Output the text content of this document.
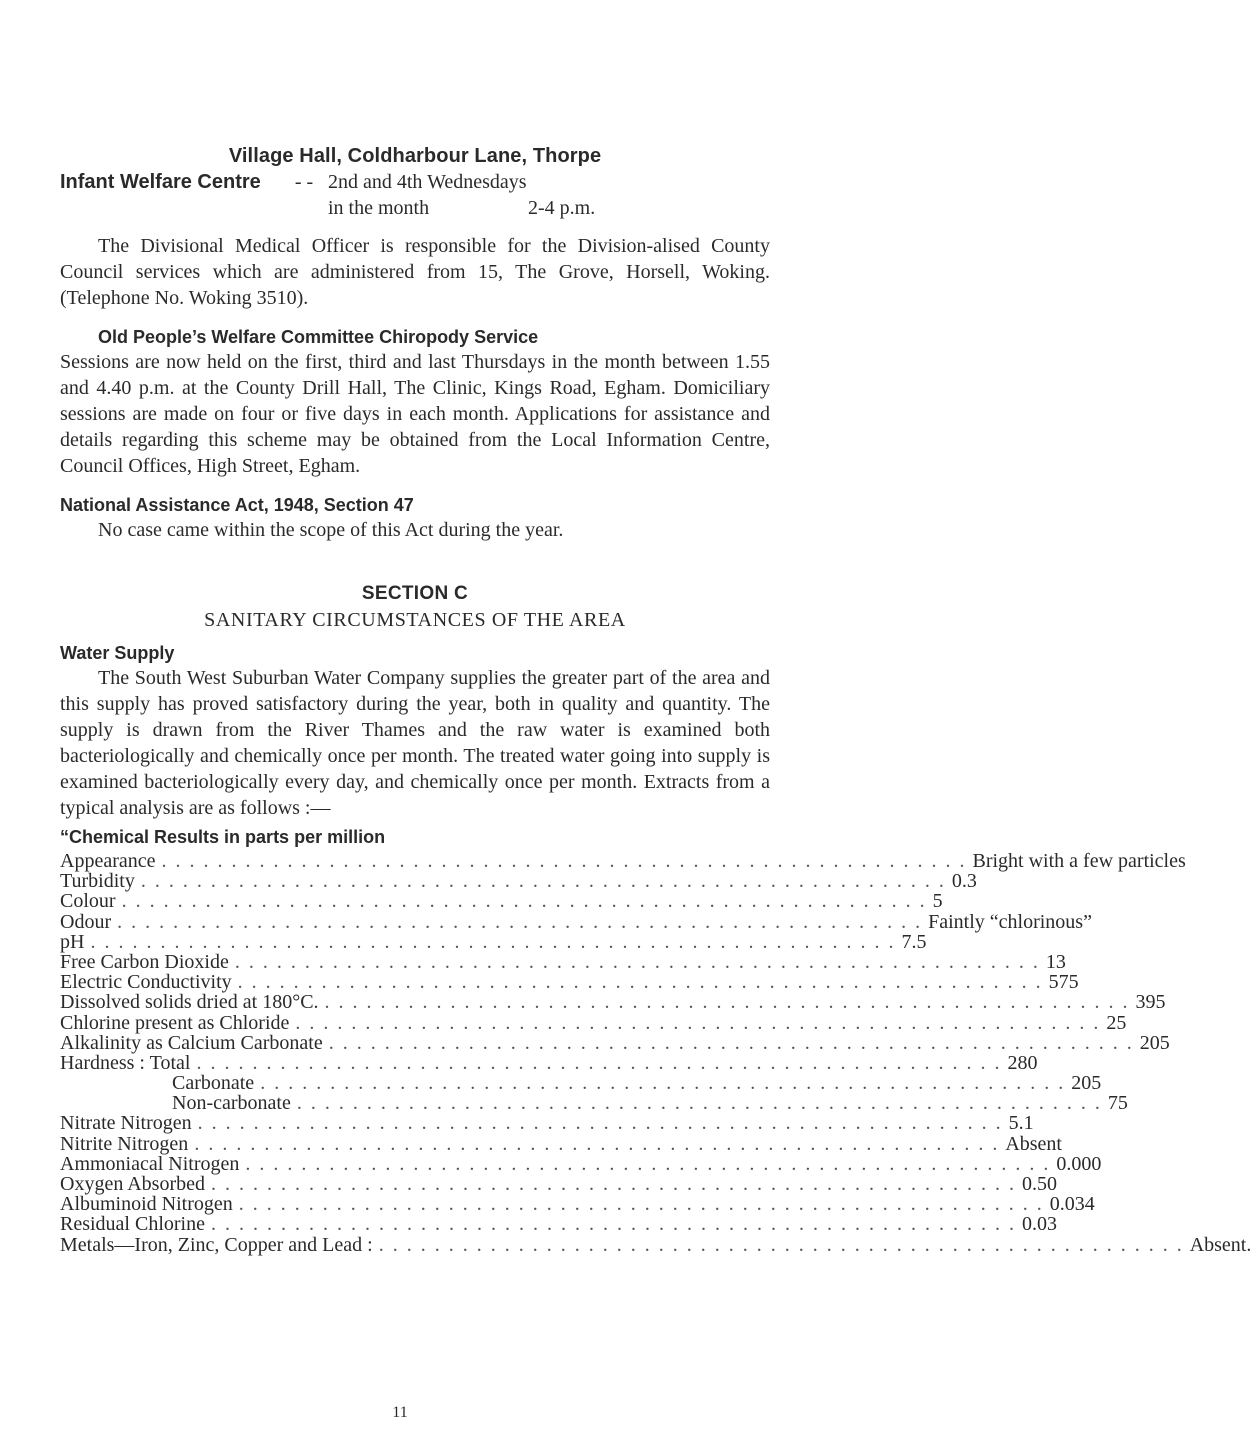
Village Hall, Coldharbour Lane, Thorpe
Infant Welfare Centre	- - 2nd and 4th Wednesdays
in the month	2-4 p.m.

The Divisional Medical Officer is responsible for the Division-alised County Council services which are administered from 15, The Grove, Horsell, Woking. (Telephone No. Woking 3510).

Old People’s Welfare Committee Chiropody Service

Sessions are now held on the first, third and last Thursdays in the month between 1.55 and 4.40 p.m. at the County Drill Hall, The Clinic, Kings Road, Egham. Domiciliary sessions are made on four or five days in each month. Applications for assistance and details regarding this scheme may be obtained from the Local Information Centre, Council Offices, High Street, Egham.

National Assistance Act, 1948, Section 47

No case came within the scope of this Act during the year.

SECTION C
SANITARY CIRCUMSTANCES OF THE AREA
Water Supply

The South West Suburban Water Company supplies the greater part of the area and this supply has proved satisfactory during the year, both in quality and quantity. The supply is drawn from the River Thames and the raw water is examined both bacteriologically and chemically once per month. The treated water going into supply is examined bacteriologically every day, and chemically once per month. Extracts from a typical analysis are as follows :—

“Chemical Results in parts per million
Appearance . . . . . . . . . . . . . . . . . . . . . . . . . . . . . . . . . . . . . . . . . . . . . . . . . . . . . . . . . . Bright with a few particles
Turbidity . . . . . . . . . . . . . . . . . . . . . . . . . . . . . . . . . . . . . . . . . . . . . . . . . . . . . . . . . . 0.3
Colour . . . . . . . . . . . . . . . . . . . . . . . . . . . . . . . . . . . . . . . . . . . . . . . . . . . . . . . . . . 5
Odour . . . . . . . . . . . . . . . . . . . . . . . . . . . . . . . . . . . . . . . . . . . . . . . . . . . . . . . . . . Faintly “chlorinous”
pH . . . . . . . . . . . . . . . . . . . . . . . . . . . . . . . . . . . . . . . . . . . . . . . . . . . . . . . . . . 7.5
Free Carbon Dioxide . . . . . . . . . . . . . . . . . . . . . . . . . . . . . . . . . . . . . . . . . . . . . . . . . . . . . . . . . . 13
Electric Conductivity . . . . . . . . . . . . . . . . . . . . . . . . . . . . . . . . . . . . . . . . . . . . . . . . . . . . . . . . . . 575
Dissolved solids dried at 180°C. . . . . . . . . . . . . . . . . . . . . . . . . . . . . . . . . . . . . . . . . . . . . . . . . . . . . . . . . . . 395
Chlorine present as Chloride . . . . . . . . . . . . . . . . . . . . . . . . . . . . . . . . . . . . . . . . . . . . . . . . . . . . . . . . . . 25
Alkalinity as Calcium Carbonate . . . . . . . . . . . . . . . . . . . . . . . . . . . . . . . . . . . . . . . . . . . . . . . . . . . . . . . . . . 205
Hardness : Total . . . . . . . . . . . . . . . . . . . . . . . . . . . . . . . . . . . . . . . . . . . . . . . . . . . . . . . . . . 280
Carbonate . . . . . . . . . . . . . . . . . . . . . . . . . . . . . . . . . . . . . . . . . . . . . . . . . . . . . . . . . . 205
Non-carbonate . . . . . . . . . . . . . . . . . . . . . . . . . . . . . . . . . . . . . . . . . . . . . . . . . . . . . . . . . . 75
Nitrate Nitrogen . . . . . . . . . . . . . . . . . . . . . . . . . . . . . . . . . . . . . . . . . . . . . . . . . . . . . . . . . . 5.1
Nitrite Nitrogen . . . . . . . . . . . . . . . . . . . . . . . . . . . . . . . . . . . . . . . . . . . . . . . . . . . . . . . . . . Absent
Ammoniacal Nitrogen . . . . . . . . . . . . . . . . . . . . . . . . . . . . . . . . . . . . . . . . . . . . . . . . . . . . . . . . . . 0.000
Oxygen Absorbed . . . . . . . . . . . . . . . . . . . . . . . . . . . . . . . . . . . . . . . . . . . . . . . . . . . . . . . . . . 0.50
Albuminoid Nitrogen . . . . . . . . . . . . . . . . . . . . . . . . . . . . . . . . . . . . . . . . . . . . . . . . . . . . . . . . . . 0.034
Residual Chlorine . . . . . . . . . . . . . . . . . . . . . . . . . . . . . . . . . . . . . . . . . . . . . . . . . . . . . . . . . . 0.03
Metals—Iron, Zinc, Copper and Lead : . . . . . . . . . . . . . . . . . . . . . . . . . . . . . . . . . . . . . . . . . . . . . . . . . . . . . . . . . . Absent.
11
